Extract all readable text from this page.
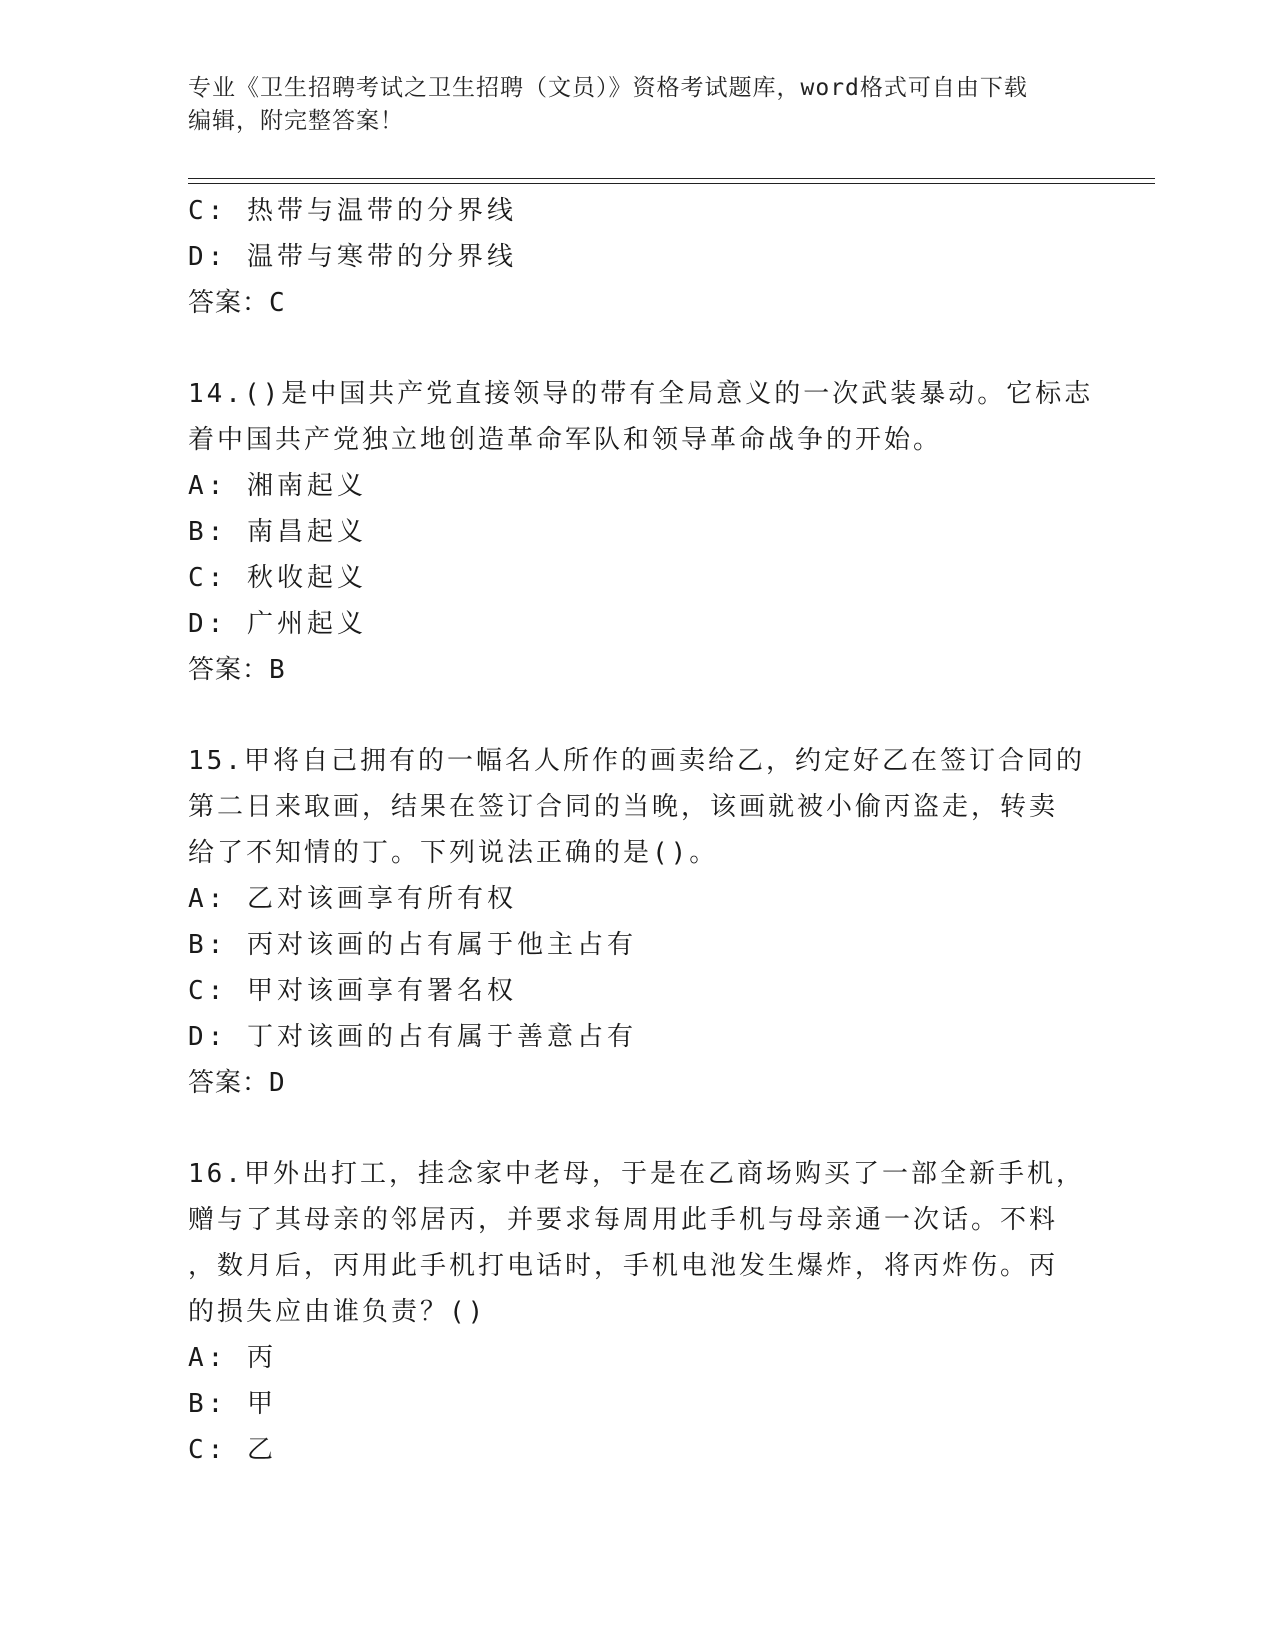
专业《卫生招聘考试之卫生招聘（文员）》资格考试题库，word格式可自由下载
编辑，附完整答案！
C: 热带与温带的分界线
D: 温带与寒带的分界线
答案：C
14.()是中国共产党直接领导的带有全局意义的一次武装暴动。它标志
着中国共产党独立地创造革命军队和领导革命战争的开始。
A: 湘南起义
B: 南昌起义
C: 秋收起义
D: 广州起义
答案：B
15.甲将自己拥有的一幅名人所作的画卖给乙，约定好乙在签订合同的
第二日来取画，结果在签订合同的当晚，该画就被小偷丙盗走，转卖
给了不知情的丁。下列说法正确的是()。
A: 乙对该画享有所有权
B: 丙对该画的占有属于他主占有
C: 甲对该画享有署名权
D: 丁对该画的占有属于善意占有
答案：D
16.甲外出打工，挂念家中老母，于是在乙商场购买了一部全新手机，
赠与了其母亲的邻居丙，并要求每周用此手机与母亲通一次话。不料
，数月后，丙用此手机打电话时，手机电池发生爆炸，将丙炸伤。丙
的损失应由谁负责？()
A: 丙
B: 甲
C: 乙
